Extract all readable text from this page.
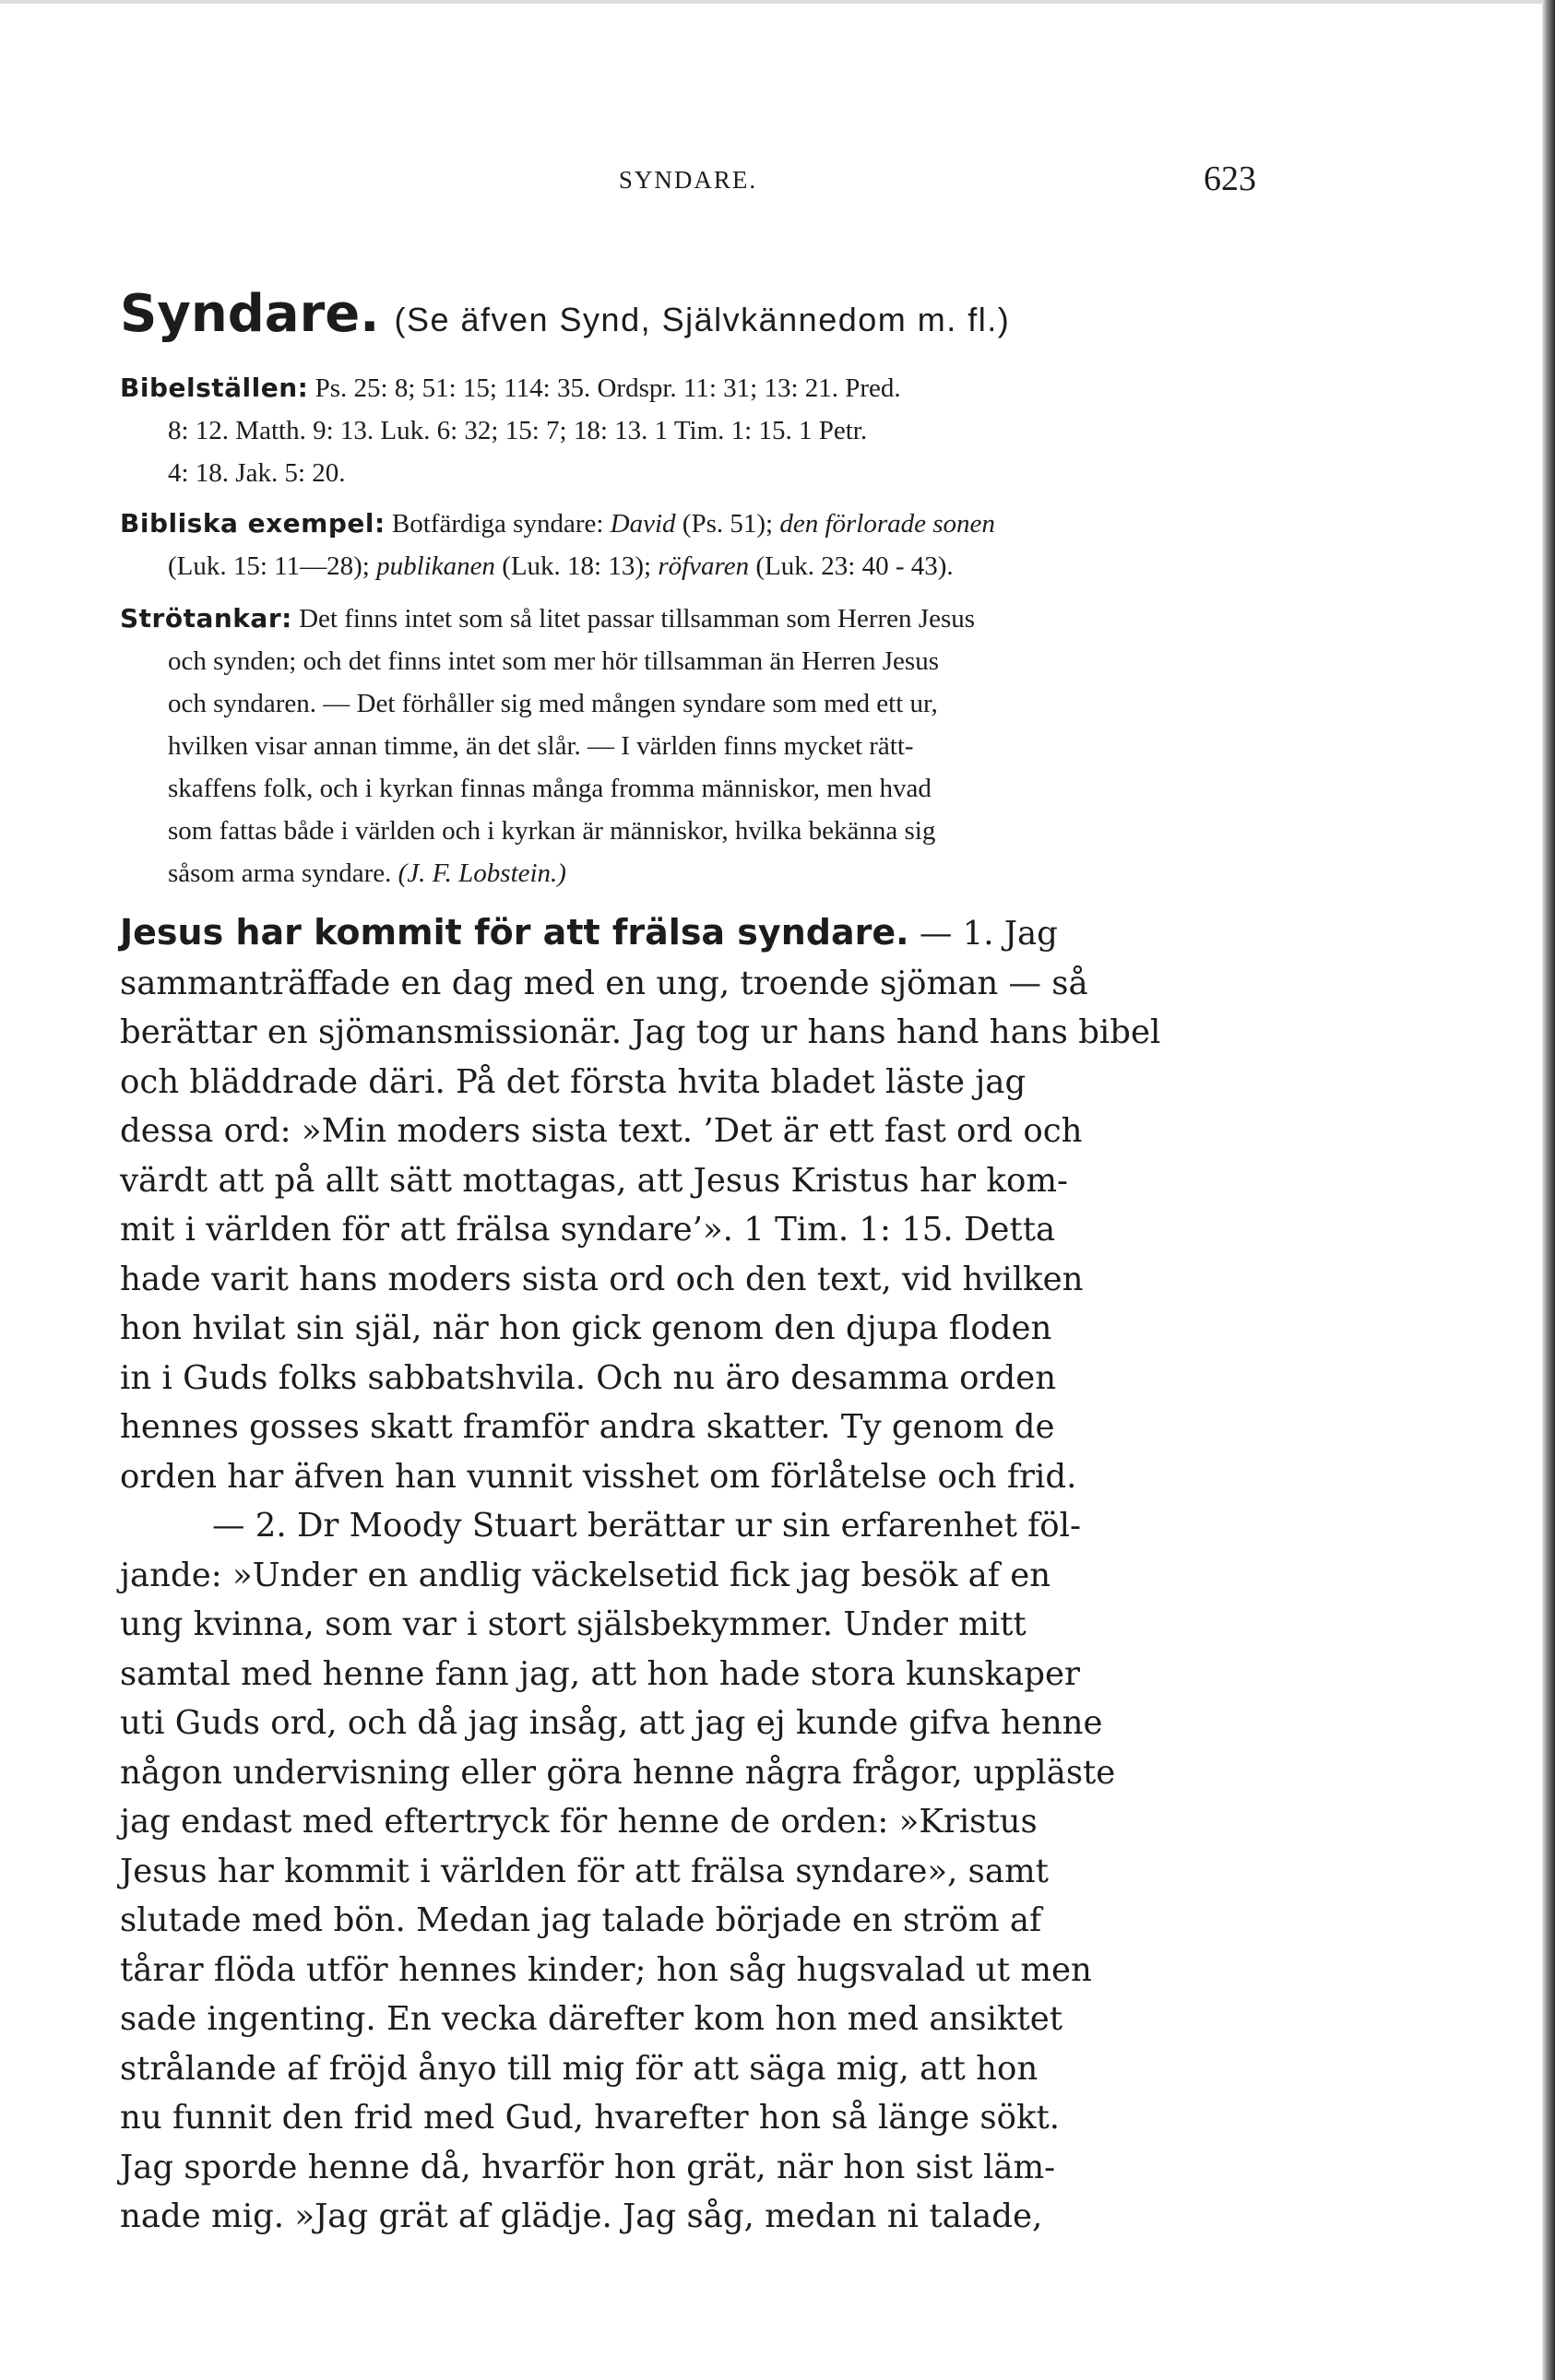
SYNDARE.	623
Syndare. (Se äfven Synd, Självkännedom m. fl.)
Bibelställen: Ps. 25: 8; 51: 15; 114: 35. Ordspr. 11: 31; 13: 21. Pred.
8: 12. Matth. 9: 13. Luk. 6: 32; 15: 7; 18: 13. 1 Tim. 1: 15. 1 Petr.
4: 18. Jak. 5: 20.
Bibliska exempel: Botfärdiga syndare: David (Ps. 51); den förlorade sonen
(Luk. 15: 11—28); publikanen (Luk. 18: 13); röfvaren (Luk. 23: 40 - 43).
Strötankar: Det finns intet som så litet passar tillsamman som Herren Jesus
och synden; och det finns intet som mer hör tillsamman än Herren Jesus
och syndaren. — Det förhåller sig med mången syndare som med ett ur,
hvilken visar annan timme, än det slår. — I världen finns mycket rätt-
skaffens folk, och i kyrkan finnas många fromma människor, men hvad
som fattas både i världen och i kyrkan är människor, hvilka bekänna sig
såsom arma syndare. (J. F. Lobstein.)
Jesus har kommit för att frälsa syndare. — 1. Jag
sammanträffade en dag med en ung, troende sjöman — så
berättar en sjömansmissionär. Jag tog ur hans hand hans bibel
och bläddrade däri. På det första hvita bladet läste jag
dessa ord: »Min moders sista text. ’Det är ett fast ord och
värdt att på allt sätt mottagas, att Jesus Kristus har kom-
mit i världen för att frälsa syndare’». 1 Tim. 1: 15. Detta
hade varit hans moders sista ord och den text, vid hvilken
hon hvilat sin själ, när hon gick genom den djupa floden
in i Guds folks sabbatshvila. Och nu äro desamma orden
hennes gosses skatt framför andra skatter. Ty genom de
orden har äfven han vunnit visshet om förlåtelse och frid.
— 2. Dr Moody Stuart berättar ur sin erfarenhet föl-
jande: »Under en andlig väckelsetid fick jag besök af en
ung kvinna, som var i stort själsbekymmer. Under mitt
samtal med henne fann jag, att hon hade stora kunskaper
uti Guds ord, och då jag insåg, att jag ej kunde gifva henne
någon undervisning eller göra henne några frågor, uppläste
jag endast med eftertryck för henne de orden: »Kristus
Jesus har kommit i världen för att frälsa syndare», samt
slutade med bön. Medan jag talade började en ström af
tårar flöda utför hennes kinder; hon såg hugsvalad ut men
sade ingenting. En vecka därefter kom hon med ansiktet
strålande af fröjd ånyo till mig för att säga mig, att hon
nu funnit den frid med Gud, hvarefter hon så länge sökt.
Jag sporde henne då, hvarför hon grät, när hon sist läm-
nade mig. »Jag grät af glädje. Jag såg, medan ni talade,
